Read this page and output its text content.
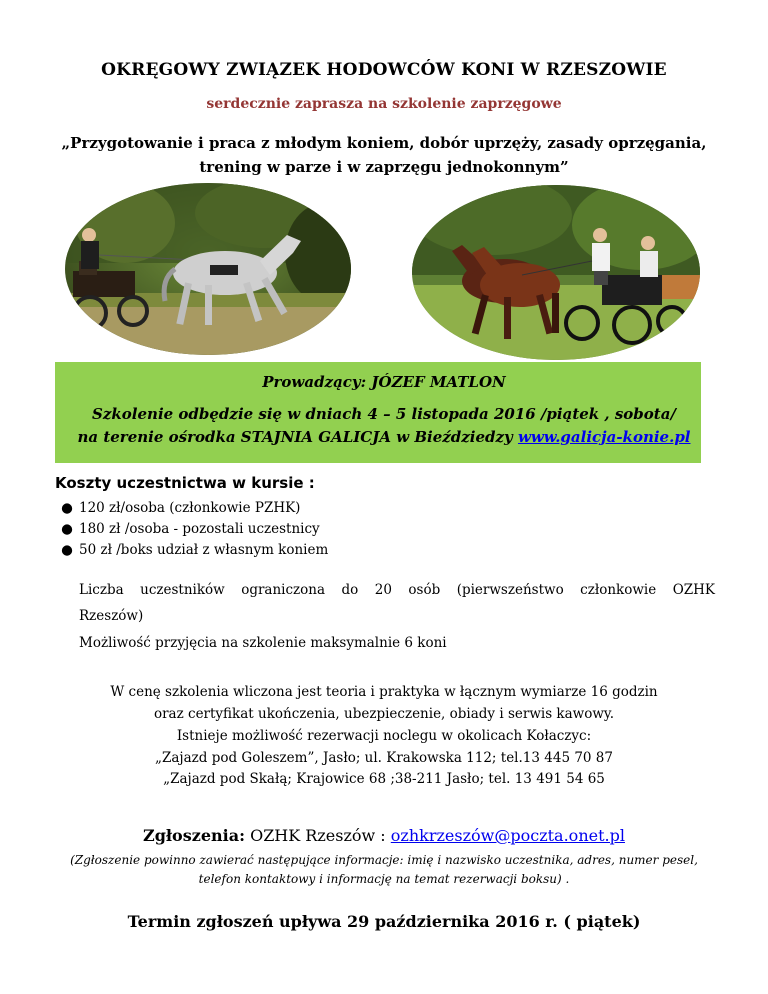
OKRĘGOWY ZWIĄZEK HODOWCÓW KONI W RZESZOWIE
serdecznie zaprasza na szkolenie zaprzęgowe
„Przygotowanie i praca z młodym koniem, dobór uprzęży, zasady oprzęgania,
trening w parze i w zaprzęgu jednokonnym”
Prowadzący: JÓZEF MATLON
Szkolenie odbędzie się w dniach 4 – 5 listopada 2016 /piątek , sobota/
na terenie ośrodka STAJNIA GALICJA w Bieździedzy www.galicja-konie.pl
Koszty uczestnictwa w kursie :
● 120 zł/osoba (członkowie PZHK)
● 180 zł /osoba - pozostali uczestnicy
● 50 zł /boks udział z własnym koniem
Liczba uczestników ograniczona do 20 osób (pierwszeństwo członkowie OZHK
Rzeszów)
Możliwość przyjęcia na szkolenie maksymalnie 6 koni
W cenę szkolenia wliczona jest teoria i praktyka w łącznym wymiarze 16 godzin
oraz certyfikat ukończenia, ubezpieczenie, obiady i serwis kawowy.
Istnieje możliwość rezerwacji noclegu w okolicach Kołaczyc:
„Zajazd pod Goleszem”, Jasło; ul. Krakowska 112; tel.13 445 70 87
„Zajazd pod Skałą; Krajowice 68 ;38-211 Jasło; tel. 13 491 54 65
Zgłoszenia: OZHK Rzeszów : ozhkrzeszów@poczta.onet.pl
(Zgłoszenie powinno zawierać następujące informacje: imię i nazwisko uczestnika, adres, numer pesel,
telefon kontaktowy i informację na temat rezerwacji boksu) .
Termin zgłoszeń upływa 29 października 2016 r. ( piątek)
